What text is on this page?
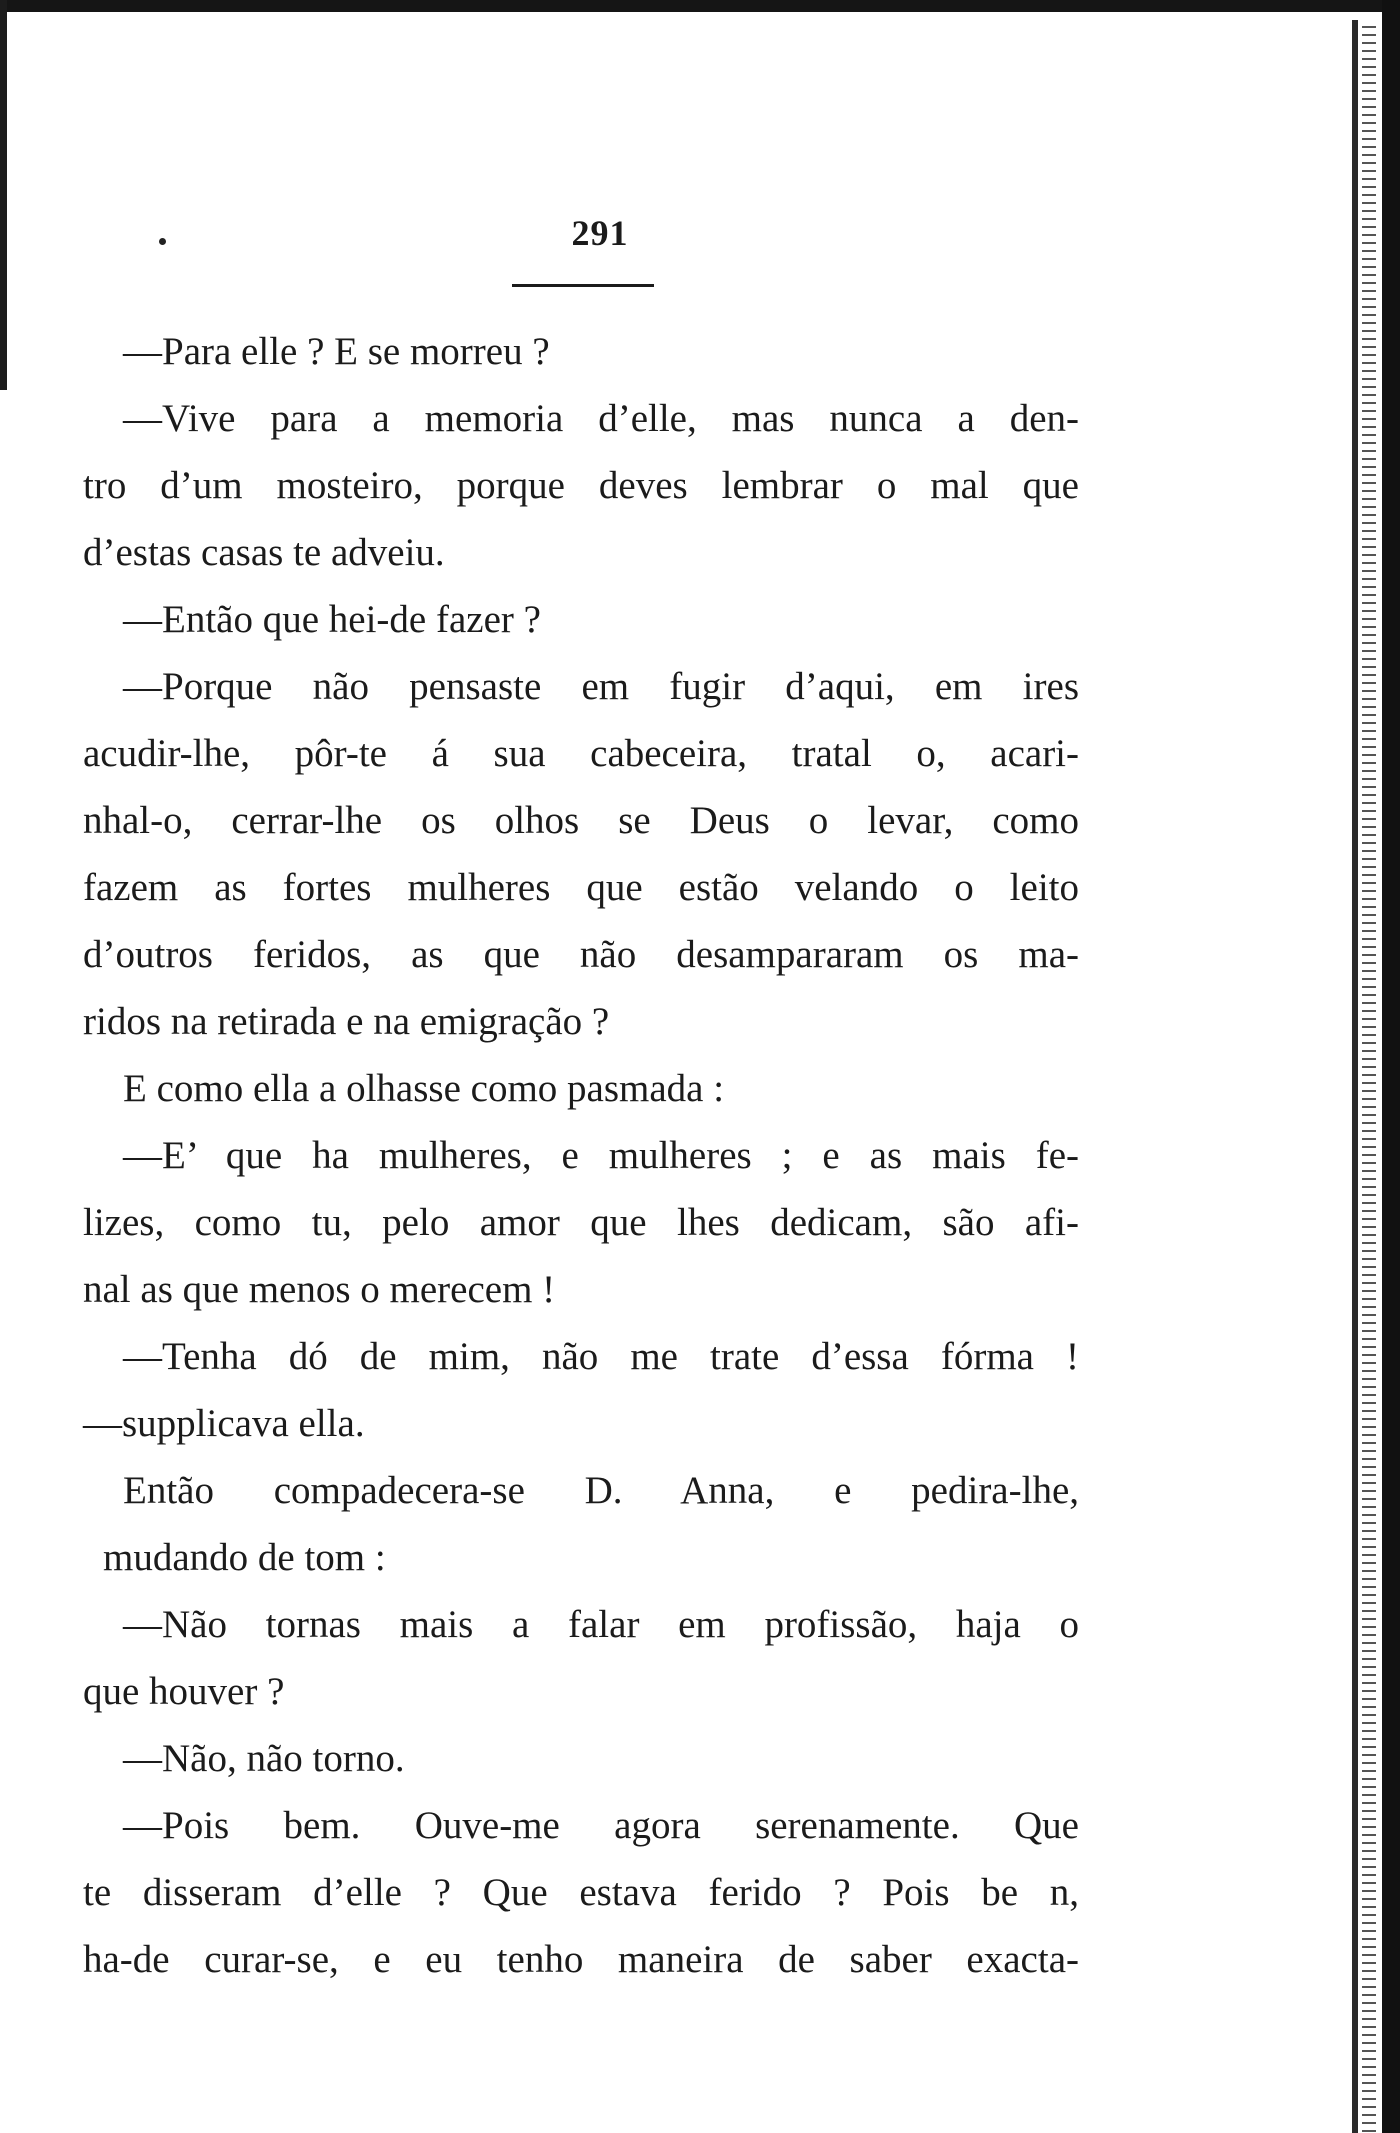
291
—Para elle ? E se morreu ?
—Vive para a memoria d’elle, mas nunca a den-
tro d’um mosteiro, porque deves lembrar o mal que
d’estas casas te adveiu.
—Então que hei-de fazer ?
—Porque não pensaste em fugir d’aqui, em ires
acudir-lhe, pôr-te á sua cabeceira, tratal o, acari-
nhal-o, cerrar-lhe os olhos se Deus o levar, como
fazem as fortes mulheres que estão velando o leito
d’outros feridos, as que não desampararam os ma-
ridos na retirada e na emigração ?
E como ella a olhasse como pasmada :
—E’ que ha mulheres, e mulheres ; e as mais fe-
lizes, como tu, pelo amor que lhes dedicam, são afi-
nal as que menos o merecem !
—Tenha dó de mim, não me trate d’essa fórma !
—supplicava ella.
Então compadecera-se D. Anna, e pedira-lhe,
mudando de tom :
—Não tornas mais a falar em profissão, haja o
que houver ?
—Não, não torno.
—Pois bem. Ouve-me agora serenamente. Que
te disseram d’elle ? Que estava ferido ? Pois be n,
ha-de curar-se, e eu tenho maneira de saber exacta-
